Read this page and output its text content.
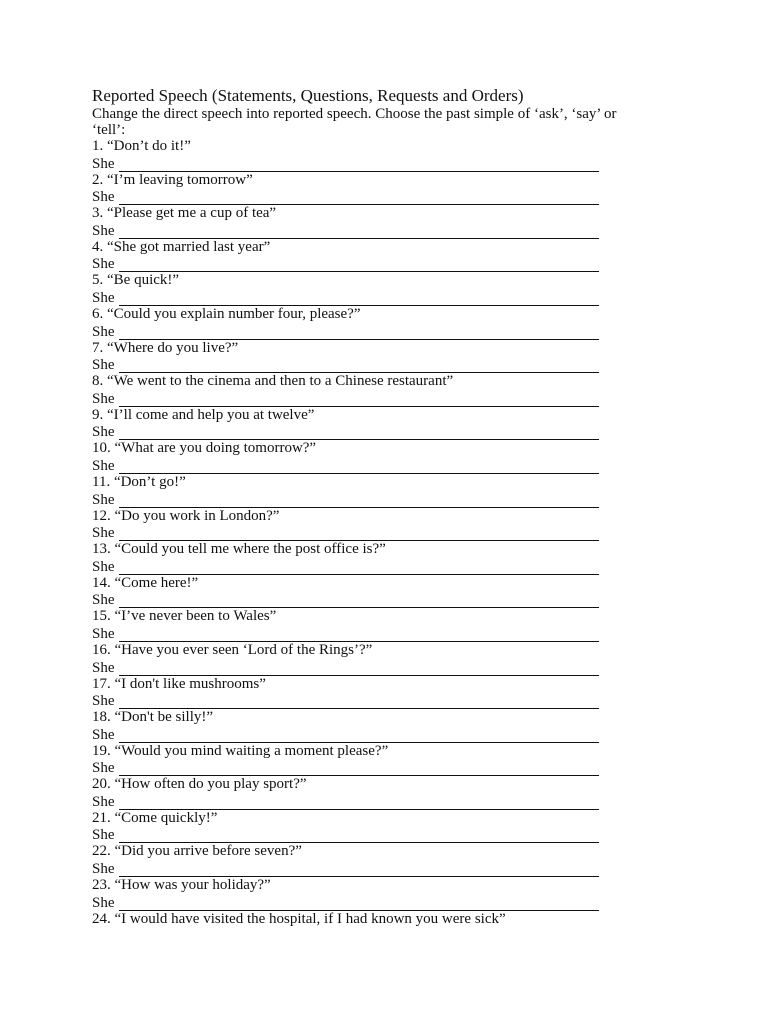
Reported Speech (Statements, Questions, Requests and Orders)

Change the direct speech into reported speech. Choose the past simple of ‘ask’, ‘say’ or ‘tell’:

1. “Don’t do it!”
She
2. “I’m leaving tomorrow”
She
3. “Please get me a cup of tea”
She
4. “She got married last year”
She
5. “Be quick!”
She
6. “Could you explain number four, please?”
She
7. “Where do you live?”
She
8. “We went to the cinema and then to a Chinese restaurant”
She
9. “I’ll come and help you at twelve”
She
10. “What are you doing tomorrow?”
She
11. “Don’t go!”
She
12. “Do you work in London?”
She
13. “Could you tell me where the post office is?”
She
14. “Come here!”
She
15. “I’ve never been to Wales”
She
16. “Have you ever seen ‘Lord of the Rings’?”
She
17. “I don't like mushrooms”
She
18. “Don't be silly!”
She
19. “Would you mind waiting a moment please?”
She
20. “How often do you play sport?”
She
21. “Come quickly!”
She
22. “Did you arrive before seven?”
She
23. “How was your holiday?”
She
24. “I would have visited the hospital, if I had known you were sick”
